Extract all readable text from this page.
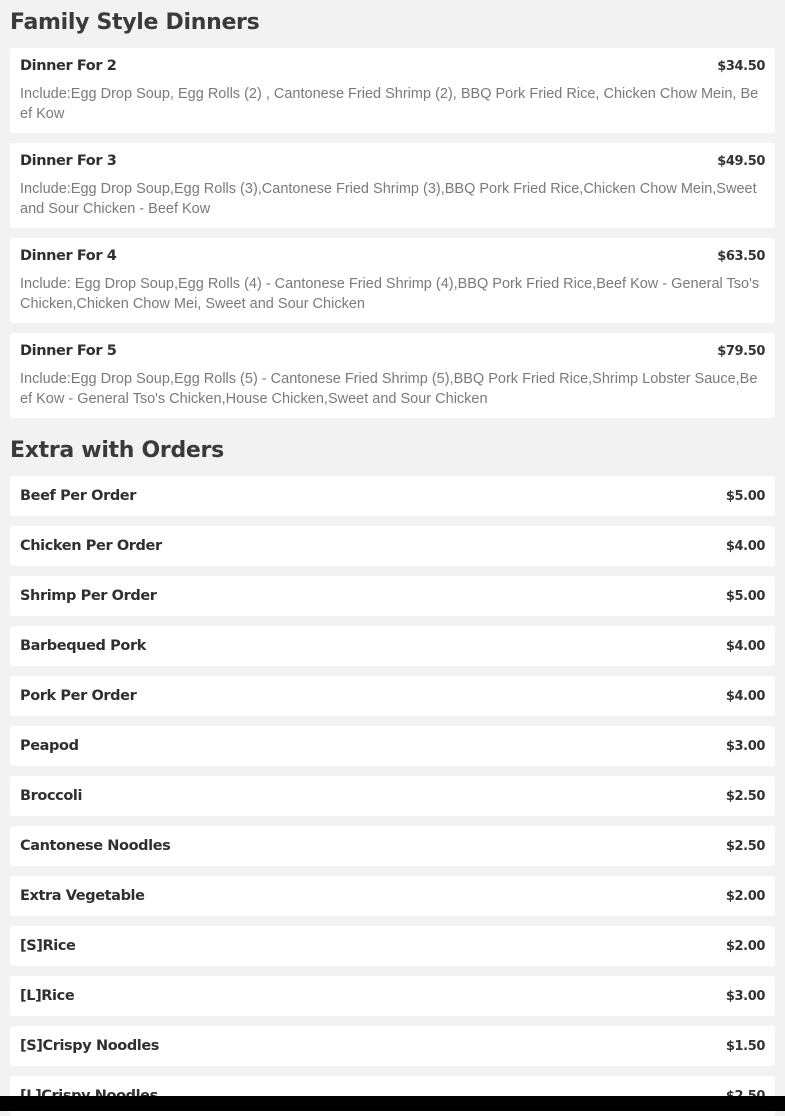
Family Style Dinners
Dinner For 2	$34.50
Include:Egg Drop Soup, Egg Rolls (2) , Cantonese Fried Shrimp (2), BBQ Pork Fried Rice, Chicken Chow Mein, Beef Kow
Dinner For 3	$49.50
Include:Egg Drop Soup,Egg Rolls (3),Cantonese Fried Shrimp (3),BBQ Pork Fried Rice,Chicken Chow Mein,Sweet and Sour Chicken - Beef Kow
Dinner For 4	$63.50
Include: Egg Drop Soup,Egg Rolls (4) - Cantonese Fried Shrimp (4),BBQ Pork Fried Rice,Beef Kow - General Tso's Chicken,Chicken Chow Mei, Sweet and Sour Chicken
Dinner For 5	$79.50
Include:Egg Drop Soup,Egg Rolls (5) - Cantonese Fried Shrimp (5),BBQ Pork Fried Rice,Shrimp Lobster Sauce,Beef Kow - General Tso's Chicken,House Chicken,Sweet and Sour Chicken
Extra with Orders
Beef Per Order	$5.00
Chicken Per Order	$4.00
Shrimp Per Order	$5.00
Barbequed Pork	$4.00
Pork Per Order	$4.00
Peapod	$3.00
Broccoli	$2.50
Cantonese Noodles	$2.50
Extra Vegetable	$2.00
[S]Rice	$2.00
[L]Rice	$3.00
[S]Crispy Noodles	$1.50
